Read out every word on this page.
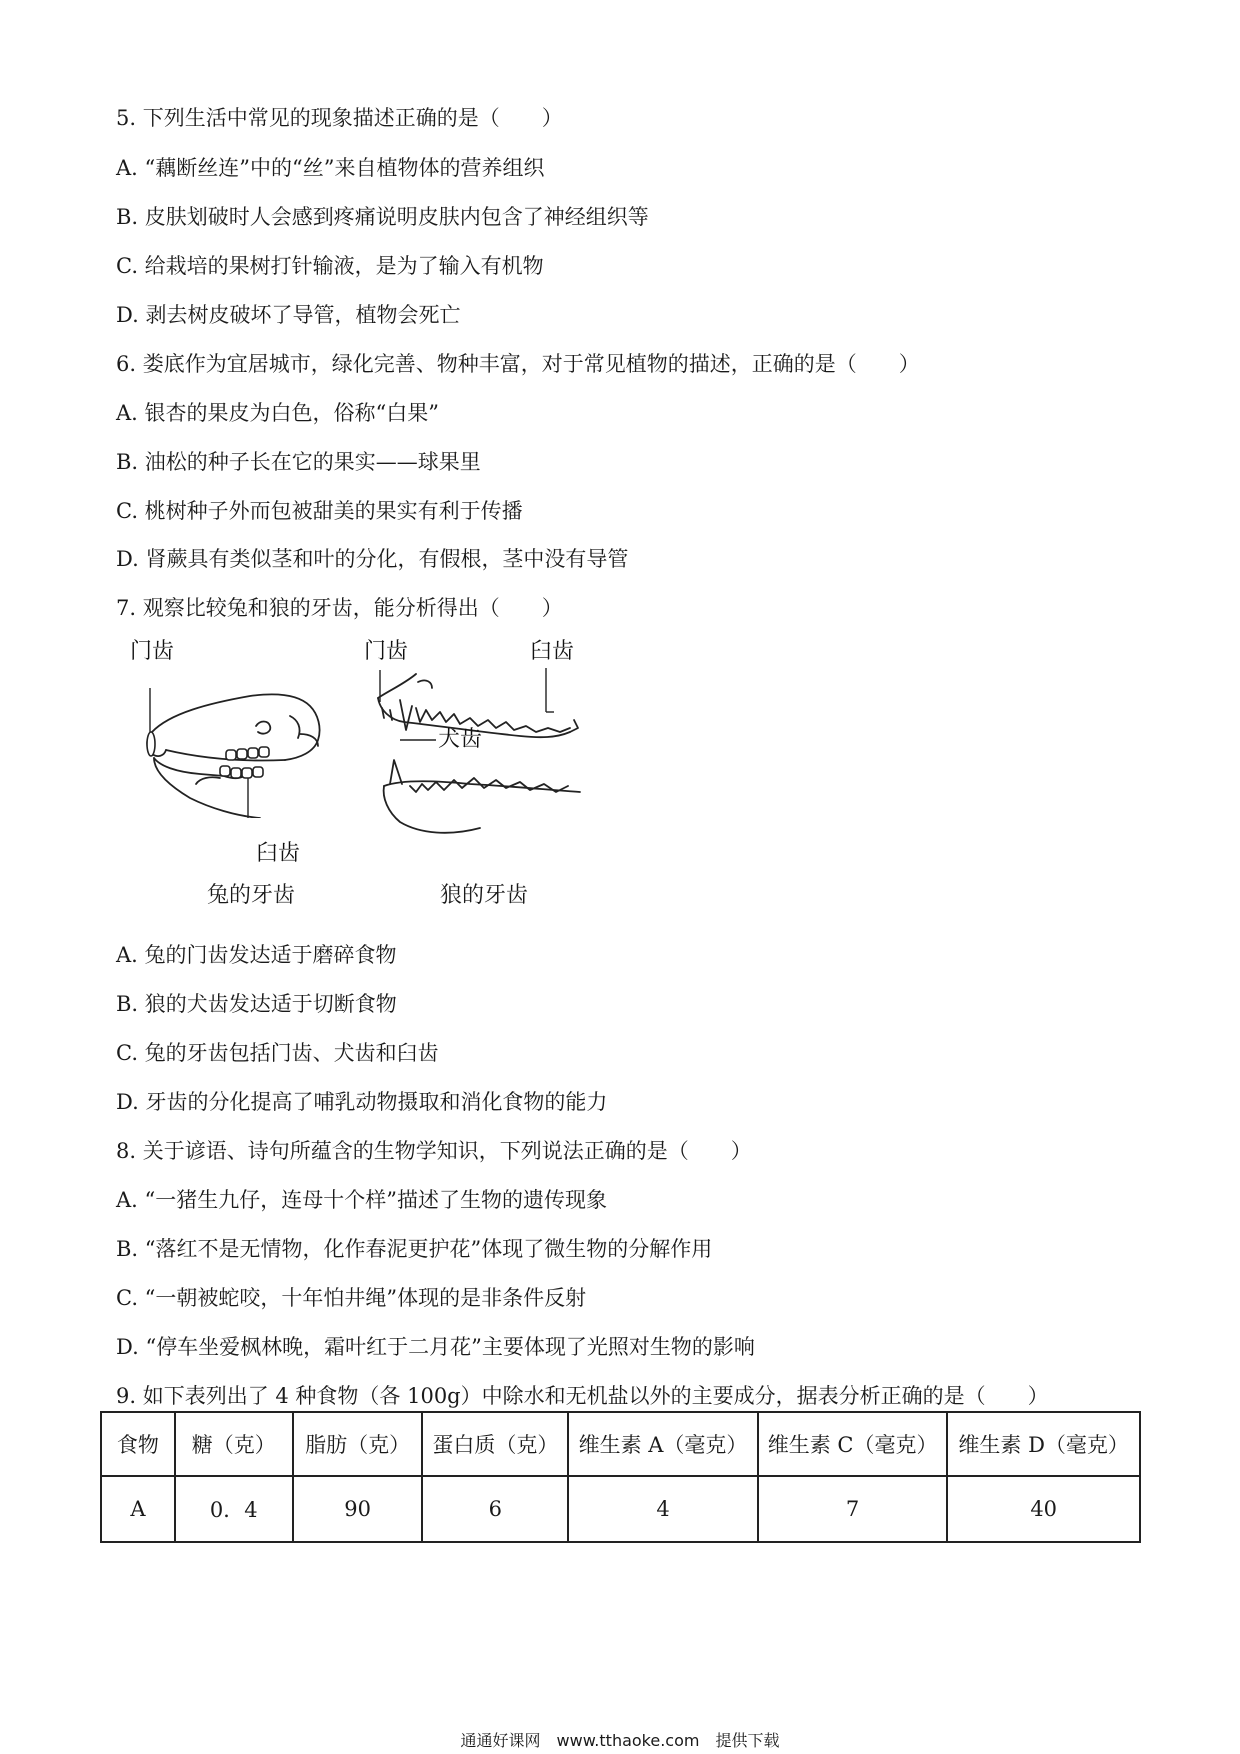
5. 下列生活中常见的现象描述正确的是（　　）
A. “藕断丝连”中的“丝”来自植物体的营养组织
B. 皮肤划破时人会感到疼痛说明皮肤内包含了神经组织等
C. 给栽培的果树打针输液，是为了输入有机物
D. 剥去树皮破坏了导管，植物会死亡
6. 娄底作为宜居城市，绿化完善、物种丰富，对于常见植物的描述，正确的是（　　）
A. 银杏的果皮为白色，俗称“白果”
B. 油松的种子长在它的果实——球果里
C. 桃树种子外而包被甜美的果实有利于传播
D. 肾蕨具有类似茎和叶的分化，有假根，茎中没有导管
7. 观察比较兔和狼的牙齿，能分析得出（　　）
门齿
臼齿
兔的牙齿
门齿	臼齿
犬齿
狼的牙齿
A. 兔的门齿发达适于磨碎食物
B. 狼的犬齿发达适于切断食物
C. 兔的牙齿包括门齿、犬齿和臼齿
D. 牙齿的分化提高了哺乳动物摄取和消化食物的能力
8. 关于谚语、诗句所蕴含的生物学知识，下列说法正确的是（　　）
A. “一猪生九仔，连母十个样”描述了生物的遗传现象
B. “落红不是无情物，化作春泥更护花”体现了微生物的分解作用
C. “一朝被蛇咬，十年怕井绳”体现的是非条件反射
D. “停车坐爱枫林晚，霜叶红于二月花”主要体现了光照对生物的影响
9. 如下表列出了 4 种食物（各 100g）中除水和无机盐以外的主要成分，据表分析正确的是（　　）
食物	糖（克）	脂肪（克）	蛋白质（克）	维生素 A（毫克）	维生素 C（毫克）	维生素 D（毫克）
A	0．4	90	6	4	7	40
通通好课网　www.tthaoke.com　提供下载
